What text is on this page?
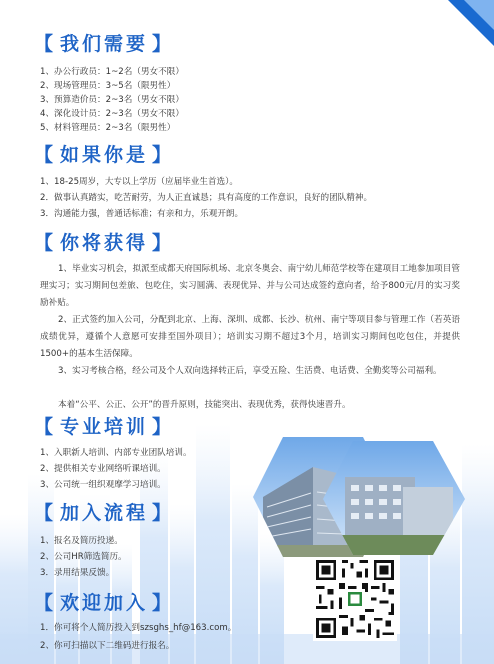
【 我们需要 】
1、办公行政员：1~2名（男女不限）
2、现场管理员：3~5名（限男性）
3、预算造价员：2~3名（男女不限）
4、深化设计员：2~3名（男女不限）
5、材料管理员：2~3名（限男性）
【 如果你是 】
1、18-25周岁，大专以上学历（应届毕业生首选）。
2．做事认真踏实，吃苦耐劳，为人正直诚恳；具有高度的工作意识，良好的团队精神。
3．沟通能力强，普通话标准；有亲和力，乐观开朗。
【 你将获得 】
1、毕业实习机会，拟派至成都天府国际机场、北京冬奥会、南宁幼儿师范学校等在建项目工地参加项目管理实习；实习期间包差旅、包吃住，实习圆满、表现优异、并与公司达成签约意向者，给予800元/月的实习奖励补贴。
2、正式签约加入公司，分配到北京、上海、深圳、成都、长沙、杭州、南宁等项目参与管理工作（若英语成绩优异，遵循个人意愿可安排至国外项目）；培训实习期不超过3个月，培训实习期间包吃包住，并提供1500+的基本生活保障。
3、实习考核合格，经公司及个人双向选择转正后，享受五险、生活费、电话费、全勤奖等公司福利。
本着“公平、公正、公开”的晋升原则，技能突出、表现优秀，获得快速晋升。
【 专业培训 】
1、入职新人培训、内部专业团队培训。
2、提供相关专业网络听课培训。
3、公司统一组织观摩学习培训。
【 加入流程 】
1、报名及简历投递。
2、公司HR筛选简历。
3．录用结果反馈。
【 欢迎加入 】
1．你可将个人简历投入到szsghs_hf@163.com。
2、你可扫描以下二维码进行报名。
